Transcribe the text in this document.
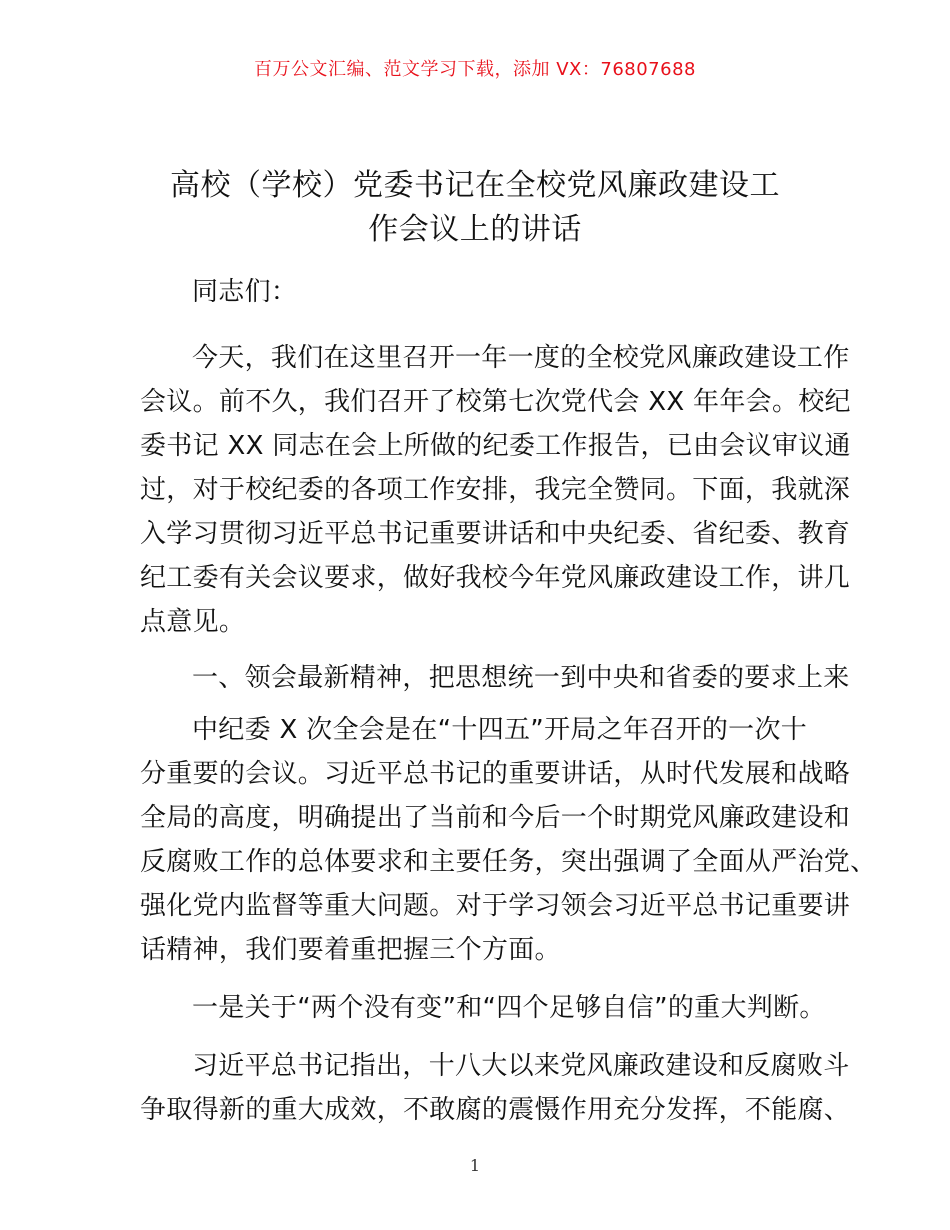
百万公文汇编、范文学习下载，添加 VX：76807688
高校（学校）党委书记在全校党风廉政建设工
作会议上的讲话
同志们：
今天，我们在这里召开一年一度的全校党风廉政建设工作
会议。前不久，我们召开了校第七次党代会 XX 年年会。校纪
委书记 XX 同志在会上所做的纪委工作报告，已由会议审议通
过，对于校纪委的各项工作安排，我完全赞同。下面，我就深
入学习贯彻习近平总书记重要讲话和中央纪委、省纪委、教育
纪工委有关会议要求，做好我校今年党风廉政建设工作，讲几
点意见。
一、领会最新精神，把思想统一到中央和省委的要求上来
中纪委 X 次全会是在“十四五”开局之年召开的一次十
分重要的会议。习近平总书记的重要讲话，从时代发展和战略
全局的高度，明确提出了当前和今后一个时期党风廉政建设和
反腐败工作的总体要求和主要任务，突出强调了全面从严治党、
强化党内监督等重大问题。对于学习领会习近平总书记重要讲
话精神，我们要着重把握三个方面。
一是关于“两个没有变”和“四个足够自信”的重大判断。
习近平总书记指出，十八大以来党风廉政建设和反腐败斗
争取得新的重大成效，不敢腐的震慑作用充分发挥，不能腐、
1
